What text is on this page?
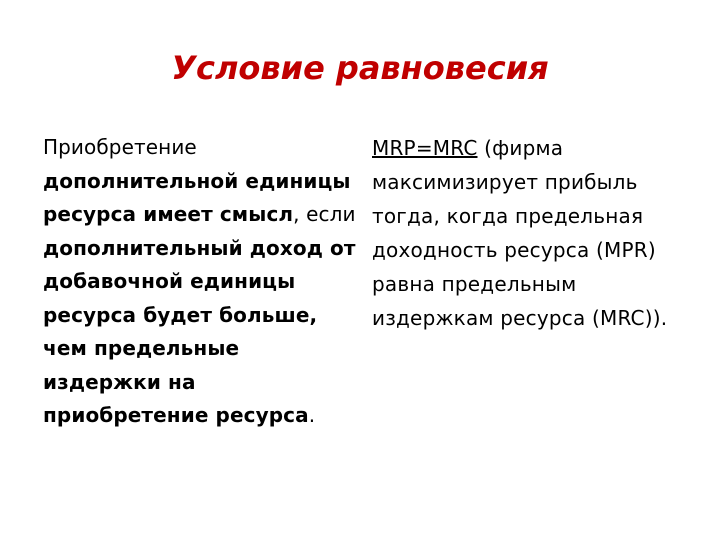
Условие равновесия
Приобретение дополнительной единицы ресурса имеет смысл, если дополнительный доход от добавочной единицы ресурса будет больше, чем предельные издержки на приобретение ресурса.
MRP=MRC (фирма максимизирует прибыль тогда, когда предельная доходность ресурса (MPR) равна предельным издержкам ресурса (MRC)).
